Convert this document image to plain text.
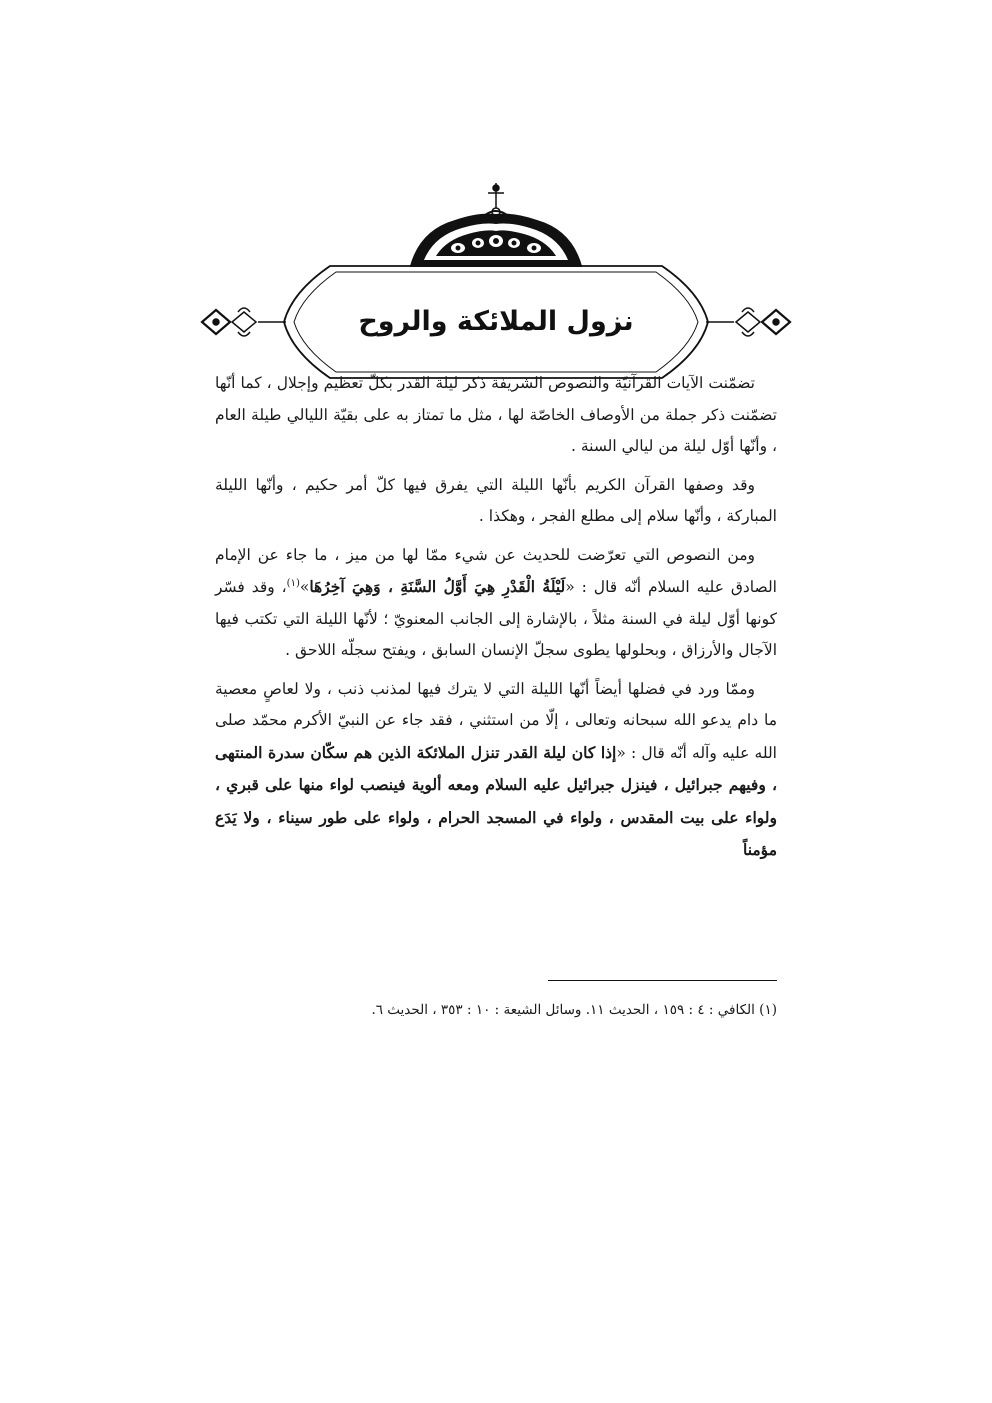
نزول الملائكة والروح

تضمّنت الآيات القرآنيّة والنصوص الشريفة ذكر ليلة القدر بكلّ تعظيم وإجلال ، كما أنّها تضمّنت ذكر جملة من الأوصاف الخاصّة لها ، مثل ما تمتاز به على بقيّة الليالي طيلة العام ، وأنّها أوّل ليلة من ليالي السنة .

وقد وصفها القرآن الكريم بأنّها الليلة التي يفرق فيها كلّ أمر حكيم ، وأنّها الليلة المباركة ، وأنّها سلام إلى مطلع الفجر ، وهكذا .

ومن النصوص التي تعرّضت للحديث عن شيء ممّا لها من ميز ، ما جاء عن الإمام الصادق عليه السلام أنّه قال : «لَيْلَةُ الْقَدْرِ هِيَ أَوَّلُ السَّنَةِ ، وَهِيَ آخِرُهَا»$^{(١)}$، وقد فسّر كونها أوّل ليلة في السنة مثلاً ، بالإشارة إلى الجانب المعنويّ ؛ لأنّها الليلة التي تكتب فيها الآجال والأرزاق ، وبحلولها يطوى سجلّ الإنسان السابق ، ويفتح سجلّه اللاحق .

وممّا ورد في فضلها أيضاً أنّها الليلة التي لا يترك فيها لمذنب ذنب ، ولا لعاصٍ معصية ما دام يدعو الله سبحانه وتعالى ، إلّا من استثني ، فقد جاء عن النبيّ الأكرم محمّد صلى الله عليه وآله أنّه قال : «إذا كان ليلة القدر تنزل الملائكة الذين هم سكّان سدرة المنتهى ، وفيهم جبرائيل ، فينزل جبرائيل عليه السلام ومعه ألوية فينصب لواء منها على قبري ، ولواء على بيت المقدس ، ولواء في المسجد الحرام ، ولواء على طور سيناء ، ولا يَدَع مؤمناً

(١) الكافي : ٤ : ١٥٩ ، الحديث ١١. وسائل الشيعة : ١٠ : ٣٥٣ ، الحديث ٦.
